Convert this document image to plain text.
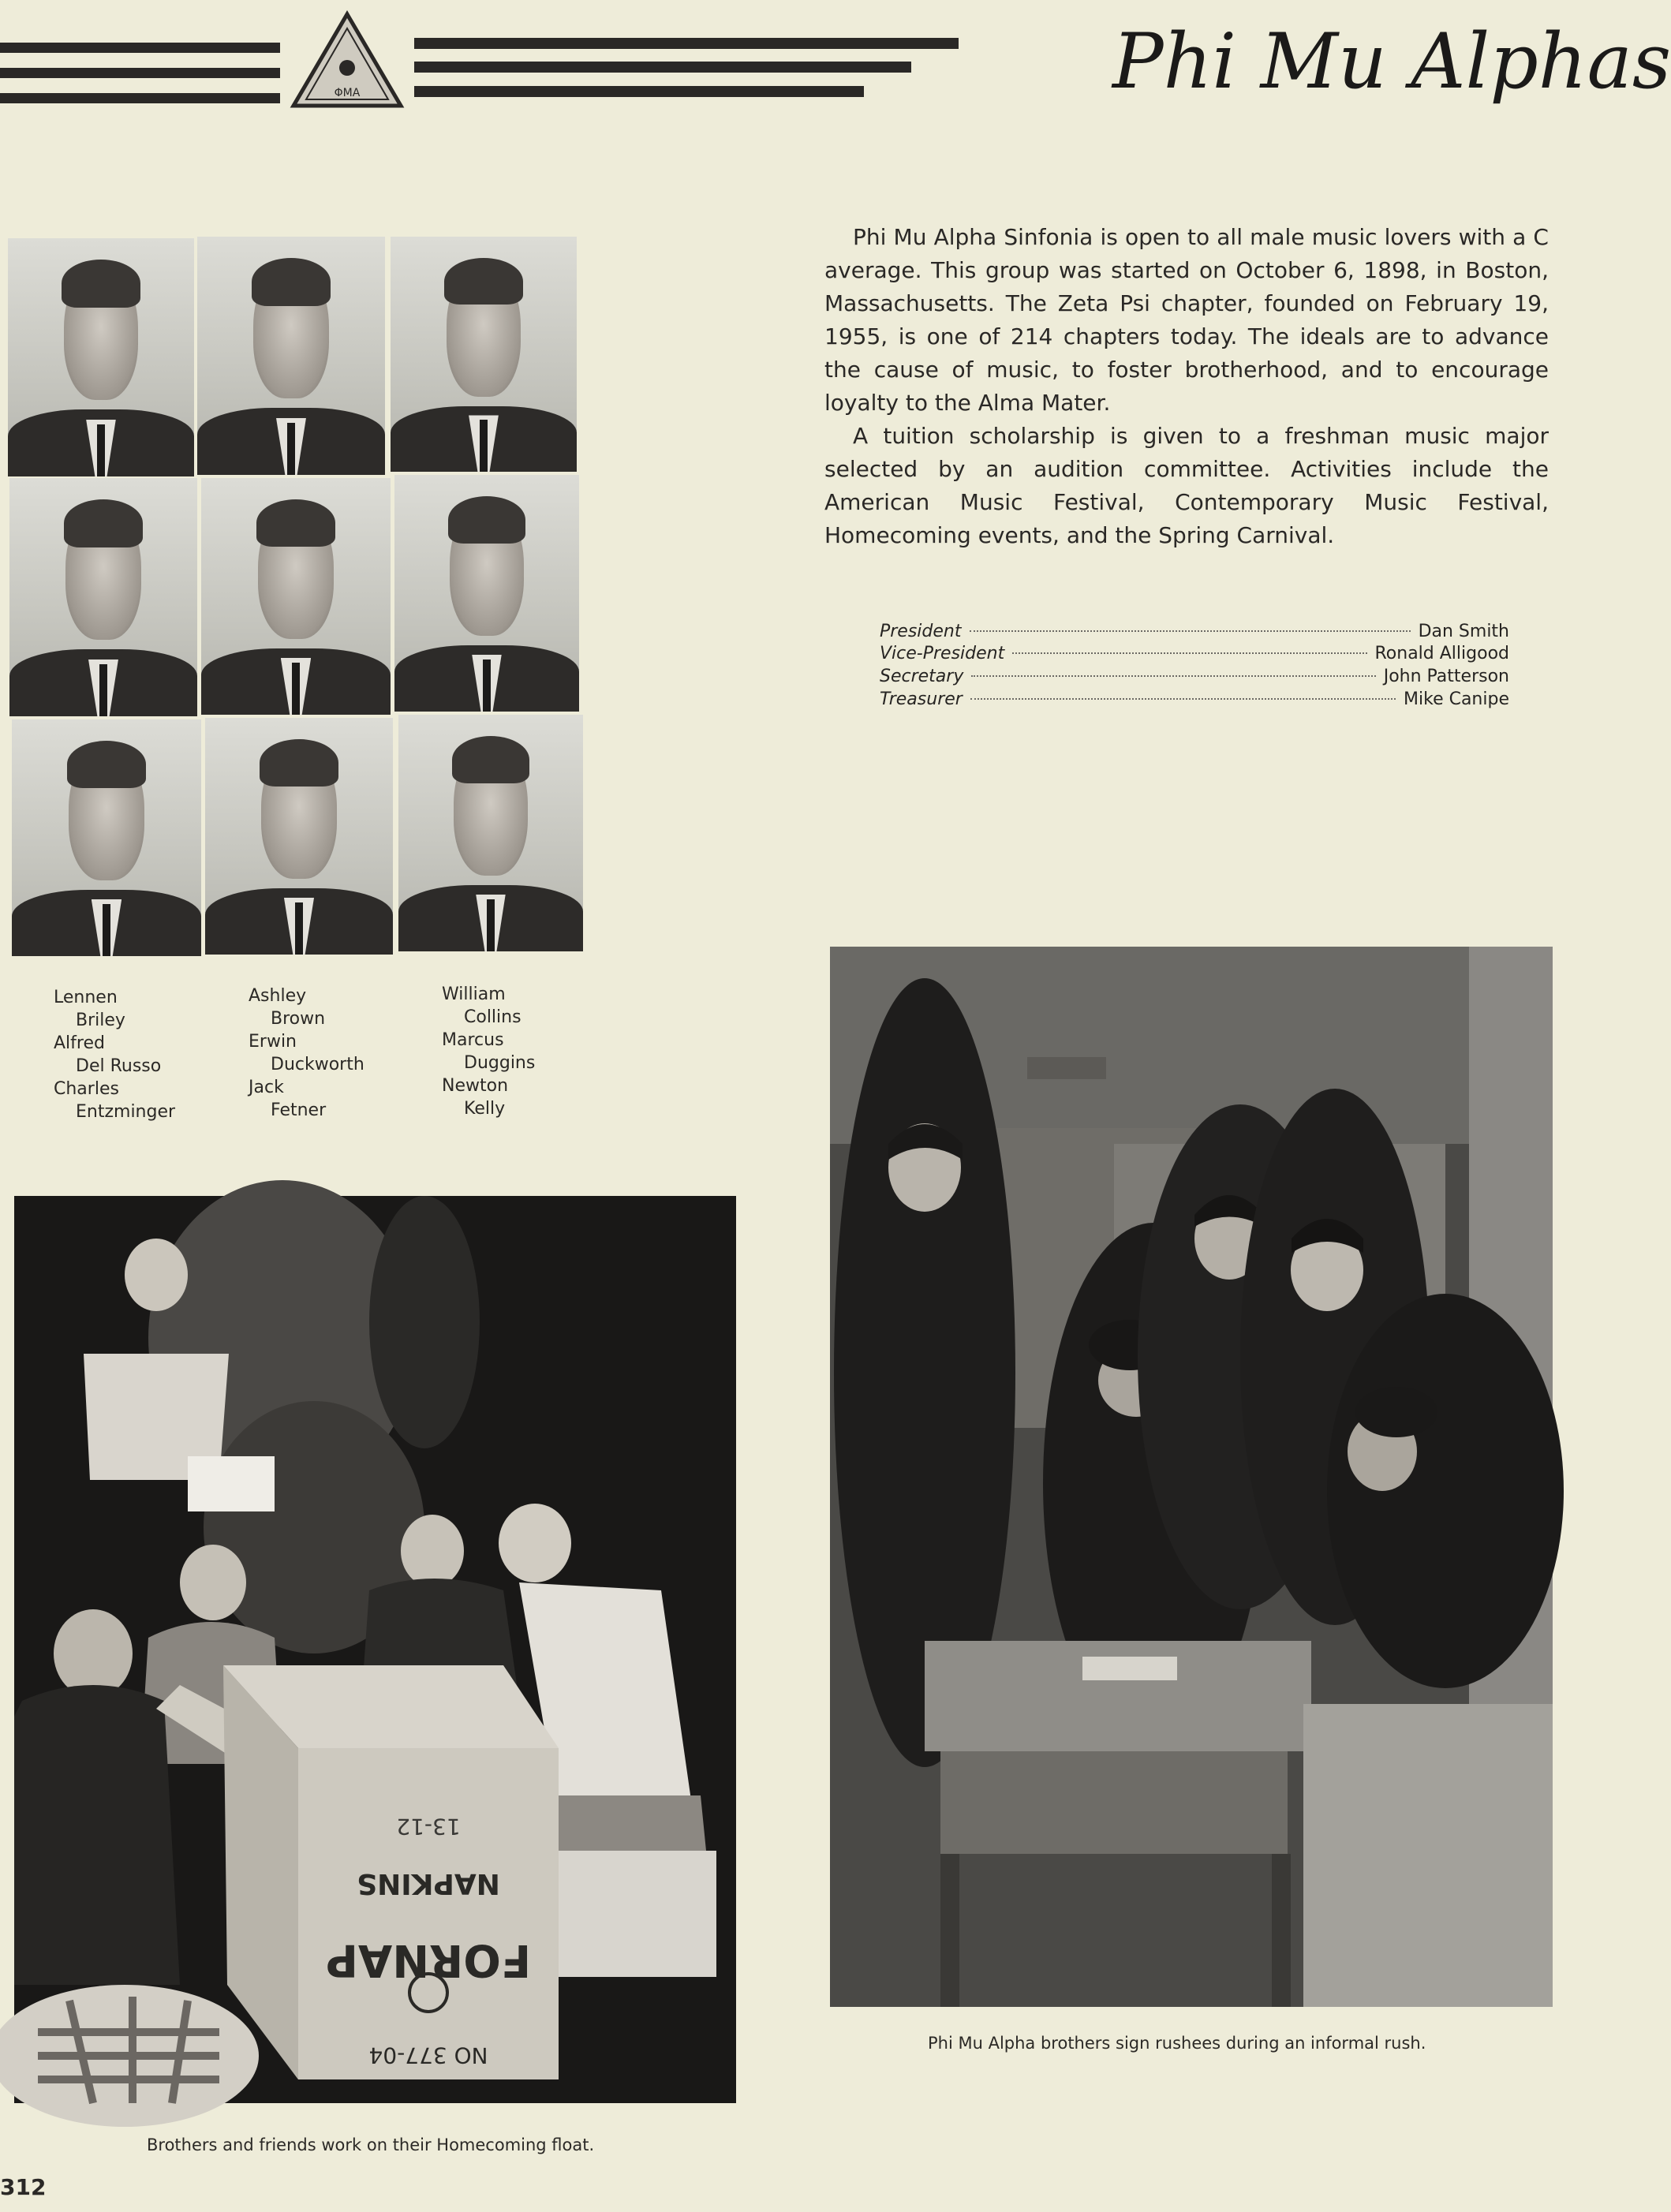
ΦΜΑ	Phi Mu Alphas
Lennen
Briley
Alfred
Del Russo
Charles
Entzminger
Ashley
Brown
Erwin
Duckworth
Jack
Fetner
William
Collins
Marcus
Duggins
Newton
Kelly

Phi Mu Alpha Sinfonia is open to all male music lovers with a C average. This group was started on October 6, 1898, in Boston, Massachusetts. The Zeta Psi chapter, founded on February 19, 1955, is one of 214 chapters today. The ideals are to advance the cause of music, to foster brotherhood, and to encourage loyalty to the Alma Mater.

A tuition scholarship is given to a freshman music major selected by an audition committee. Activities include the American Music Festival, Contemporary Music Festival, Homecoming events, and the Spring Carnival.

President	Dan Smith
Vice-President	Ronald Alligood
Secretary	John Patterson
Treasurer	Mike Canipe
Phi Mu Alpha brothers sign rushees during an informal rush.
13-12
NAPKINS
FORNAP
NO 377-04
Brothers and friends work on their Homecoming float.
312
